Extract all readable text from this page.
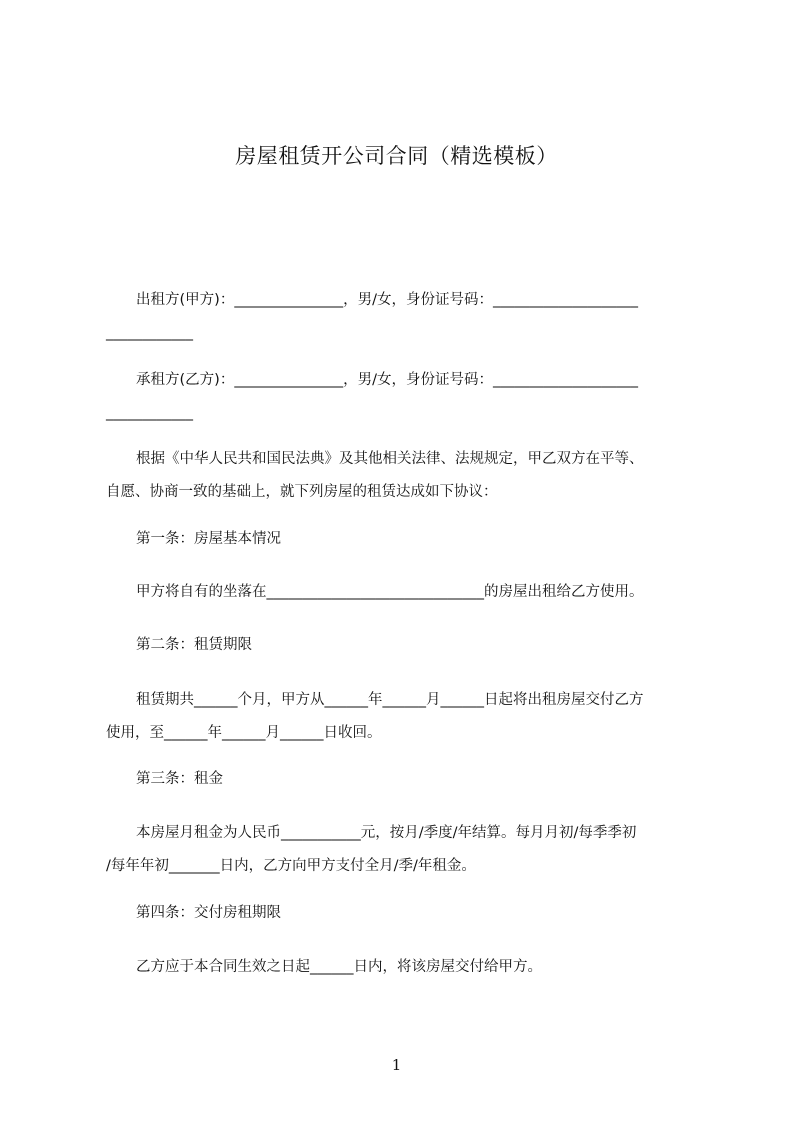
房屋租赁开公司合同（精选模板）
出租方(甲方)：_______________，男/女，身份证号码：____________________
____________
承租方(乙方)：_______________，男/女，身份证号码：____________________
____________
根据《中华人民共和国民法典》及其他相关法律、法规规定，甲乙双方在平等、
自愿、协商一致的基础上，就下列房屋的租赁达成如下协议：
第一条：房屋基本情况
甲方将自有的坐落在______________________________的房屋出租给乙方使用。
第二条：租赁期限
租赁期共______个月，甲方从______年______月______日起将出租房屋交付乙方
使用，至______年______月______日收回。
第三条：租金
本房屋月租金为人民币___________元，按月/季度/年结算。每月月初/每季季初
/每年年初_______日内，乙方向甲方支付全月/季/年租金。
第四条：交付房租期限
乙方应于本合同生效之日起______日内，将该房屋交付给甲方。
1
